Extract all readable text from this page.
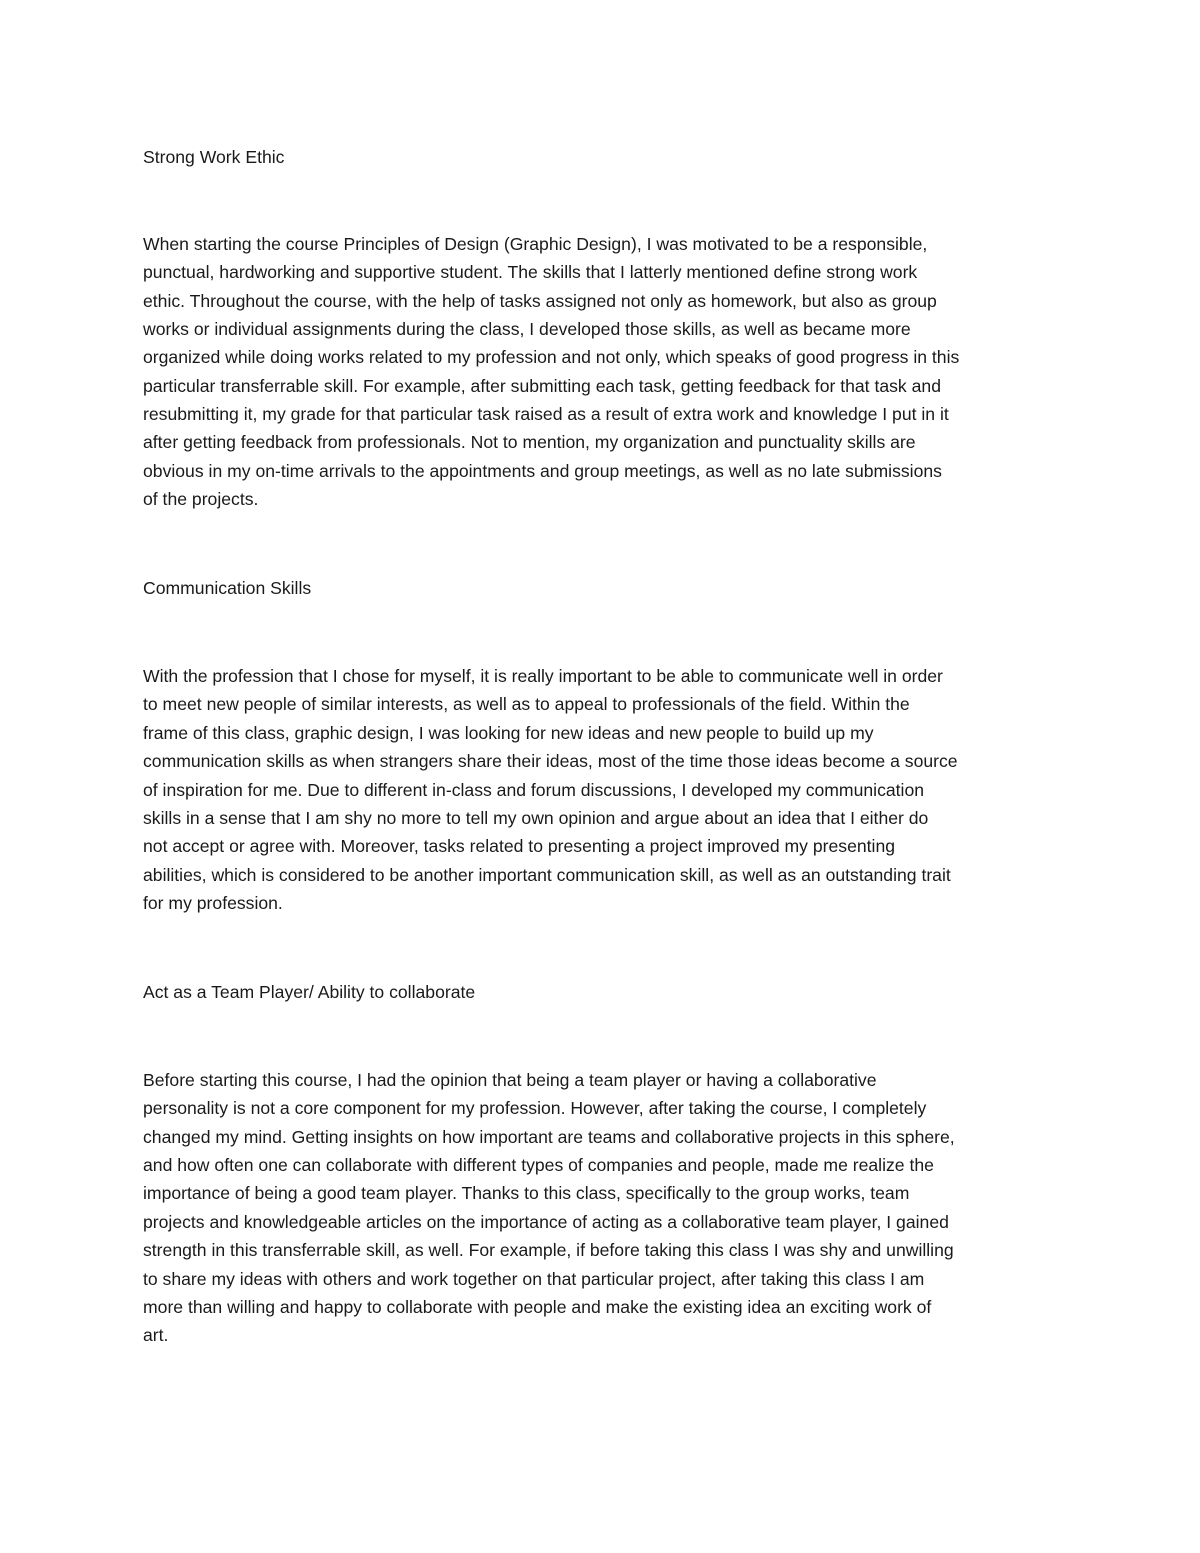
Strong Work Ethic
When starting the course Principles of Design (Graphic Design), I was motivated to be a responsible,
punctual, hardworking and supportive student. The skills that I latterly mentioned define strong work
ethic. Throughout the course, with the help of tasks assigned not only as homework, but also as group
works or individual assignments during the class, I developed those skills, as well as became more
organized while doing works related to my profession and not only, which speaks of good progress in this
particular transferrable skill. For example, after submitting each task, getting feedback for that task and
resubmitting it, my grade for that particular task raised as a result of extra work and knowledge I put in it
after getting feedback from professionals. Not to mention, my organization and punctuality skills are
obvious in my on-time arrivals to the appointments and group meetings, as well as no late submissions
of the projects.
Communication Skills
With the profession that I chose for myself, it is really important to be able to communicate well in order
to meet new people of similar interests, as well as to appeal to professionals of the field. Within the
frame of this class, graphic design, I was looking for new ideas and new people to build up my
communication skills as when strangers share their ideas, most of the time those ideas become a source
of inspiration for me. Due to different in-class and forum discussions, I developed my communication
skills in a sense that I am shy no more to tell my own opinion and argue about an idea that I either do
not accept or agree with. Moreover, tasks related to presenting a project improved my presenting
abilities, which is considered to be another important communication skill, as well as an outstanding trait
for my profession.
Act as a Team Player/ Ability to collaborate
Before starting this course, I had the opinion that being a team player or having a collaborative
personality is not a core component for my profession. However, after taking the course, I completely
changed my mind. Getting insights on how important are teams and collaborative projects in this sphere,
and how often one can collaborate with different types of companies and people, made me realize the
importance of being a good team player. Thanks to this class, specifically to the group works, team
projects and knowledgeable articles on the importance of acting as a collaborative team player, I gained
strength in this transferrable skill, as well. For example, if before taking this class I was shy and unwilling
to share my ideas with others and work together on that particular project, after taking this class I am
more than willing and happy to collaborate with people and make the existing idea an exciting work of
art.
